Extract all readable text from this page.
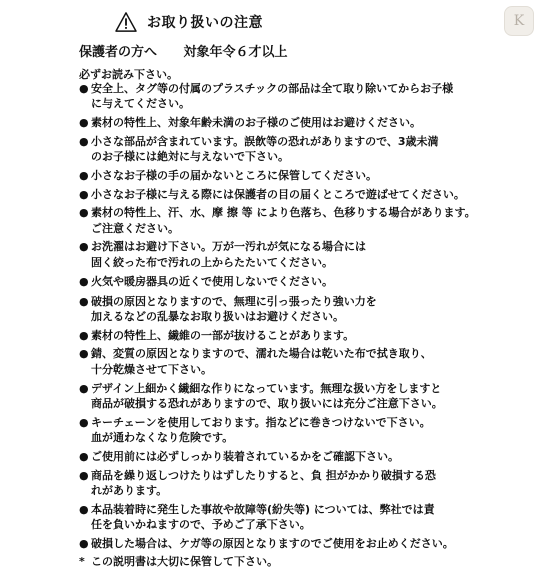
K
お取り扱いの注意
保護者の方へ 対象年令６才以上
必ずお読み下さい。
● 安全上、タグ等の付属のプラスチックの部品は全て取り除いてからお子様
に与えてください。
● 素材の特性上、対象年齢未満のお子様のご使用はお避けください。
● 小さな部品が含まれています。誤飲等の恐れがありますので、3歳未満
のお子様には絶対に与えないで下さい。
● 小さなお子様の手の届かないところに保管してください。
● 小さなお子様に与える際には保護者の目の届くところで遊ばせてください。
● 素材の特性上、汗、水、摩 擦 等 により色落ち、色移りする場合があります。
ご注意ください。
● お洗濯はお避け下さい。万が一汚れが気になる場合には
固く絞った布で汚れの上からたたいてください。
● 火気や暖房器具の近くで使用しないでください。
● 破損の原因となりますので、無理に引っ張ったり強い力を
加えるなどの乱暴なお取り扱いはお避けください。
● 素材の特性上、繊維の一部が抜けることがあります。
● 錆、変質の原因となりますので、濡れた場合は乾いた布で拭き取り、
十分乾燥させて下さい。
● デザイン上細かく繊細な作りになっています。無理な扱い方をしますと
商品が破損する恐れがありますので、取り扱いには充分ご注意下さい。
● キーチェーンを使用しております。指などに巻きつけないで下さい。
血が通わなくなり危険です。
● ご使用前には必ずしっかり装着されているかをご確認下さい。
● 商品を繰り返しつけたりはずしたりすると、負 担がかかり破損する恐
れがあります。
● 本品装着時に発生した事故や故障等(紛失等) については、弊社では責
任を負いかねますので、予めご了承下さい。
● 破損した場合は、ケガ等の原因となりますのでご使用をお止めください。
* この説明書は大切に保管して下さい。
